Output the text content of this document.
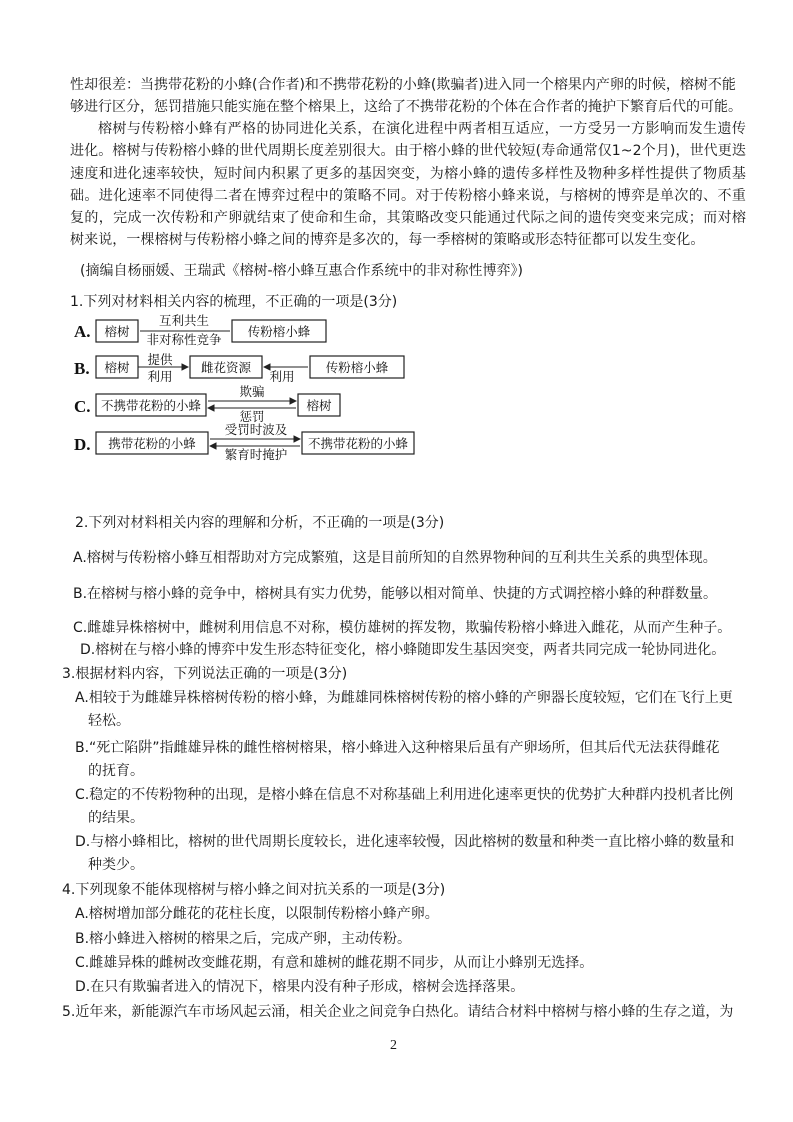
性却很差：当携带花粉的小蜂(合作者)和不携带花粉的小蜂(欺骗者)进入同一个榕果内产卵的时候，榕树不能
够进行区分，惩罚措施只能实施在整个榕果上，这给了不携带花粉的个体在合作者的掩护下繁育后代的可能。
榕树与传粉榕小蜂有严格的协同进化关系，在演化进程中两者相互适应，一方受另一方影响而发生遗传进化。榕树与传粉榕小蜂的世代周期长度差别很大。由于榕小蜂的世代较短(寿命通常仅1~2个月)，世代更迭速度和进化速率较快，短时间内积累了更多的基因突变，为榕小蜂的遗传多样性及物种多样性提供了物质基础。进化速率不同使得二者在博弈过程中的策略不同。对于传粉榕小蜂来说，与榕树的博弈是单次的、不重复的，完成一次传粉和产卵就结束了使命和生命，其策略改变只能通过代际之间的遗传突变来完成；而对榕树来说，一棵榕树与传粉榕小蜂之间的博弈是多次的，每一季榕树的策略或形态特征都可以发生变化。
(摘编自杨丽媛、王瑞武《榕树-榕小蜂互惠合作系统中的非对称性博弈》)
1.下列对材料相关内容的梳理，不正确的一项是(3分)
A. 榕树	传粉榕小蜂
互利共生
非对称性竞争
B. 榕树
提供
利用
雌花资源
利用
传粉榕小蜂
C. 不携带花粉的小蜂
欺骗
惩罚
榕树
D. 携带花粉的小蜂
受罚时波及
繁育时掩护
不携带花粉的小蜂
2.下列对材料相关内容的理解和分析，不正确的一项是(3分)
A.榕树与传粉榕小蜂互相帮助对方完成繁殖，这是目前所知的自然界物种间的互利共生关系的典型体现。
B.在榕树与榕小蜂的竞争中，榕树具有实力优势，能够以相对简单、快捷的方式调控榕小蜂的种群数量。
C.雌雄异株榕树中，雌树利用信息不对称，模仿雄树的挥发物，欺骗传粉榕小蜂进入雌花，从而产生种子。
D.榕树在与榕小蜂的博弈中发生形态特征变化，榕小蜂随即发生基因突变，两者共同完成一轮协同进化。
3.根据材料内容，下列说法正确的一项是(3分)
A.相较于为雌雄异株榕树传粉的榕小蜂，为雌雄同株榕树传粉的榕小蜂的产卵器长度较短，它们在飞行上更
轻松。
B.“死亡陷阱”指雌雄异株的雌性榕树榕果，榕小蜂进入这种榕果后虽有产卵场所，但其后代无法获得雌花
的抚育。
C.稳定的不传粉物种的出现，是榕小蜂在信息不对称基础上利用进化速率更快的优势扩大种群内投机者比例
的结果。
D.与榕小蜂相比，榕树的世代周期长度较长，进化速率较慢，因此榕树的数量和种类一直比榕小蜂的数量和
种类少。
4.下列现象不能体现榕树与榕小蜂之间对抗关系的一项是(3分)
A.榕树增加部分雌花的花柱长度，以限制传粉榕小蜂产卵。
B.榕小蜂进入榕树的榕果之后，完成产卵，主动传粉。
C.雌雄异株的雌树改变雌花期，有意和雄树的雌花期不同步，从而让小蜂别无选择。
D.在只有欺骗者进入的情况下，榕果内没有种子形成，榕树会选择落果。
5.近年来，新能源汽车市场风起云涌，相关企业之间竞争白热化。请结合材料中榕树与榕小蜂的生存之道，为
2
